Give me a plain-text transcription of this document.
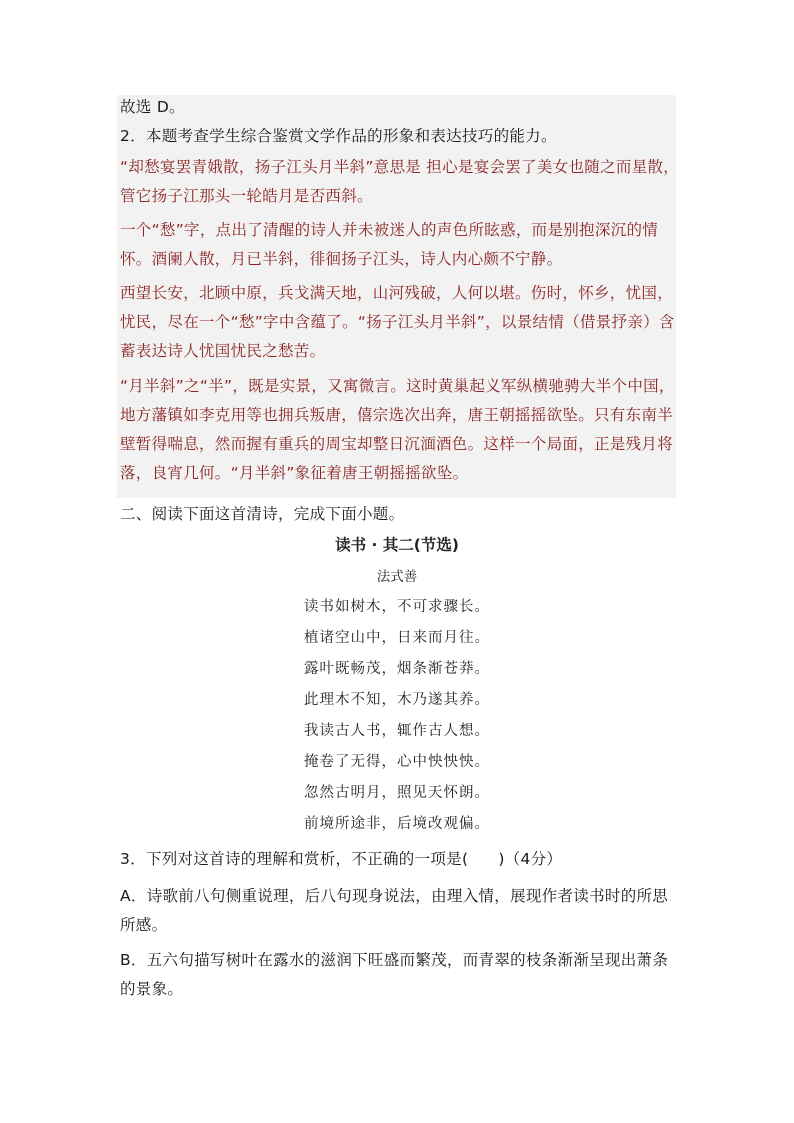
故选 D。
2．本题考查学生综合鉴赏文学作品的形象和表达技巧的能力。
“却愁宴罢青娥散，扬子江头月半斜”意思是 担心是宴会罢了美女也随之而星散，管它扬子江那头一轮皓月是否西斜。
一个“愁”字，点出了清醒的诗人并未被迷人的声色所眩惑，而是别抱深沉的情怀。酒阑人散，月已半斜，徘徊扬子江头，诗人内心颇不宁静。
西望长安，北顾中原，兵戈满天地，山河残破，人何以堪。伤时，怀乡，忧国，忧民，尽在一个“愁”字中含蕴了。“扬子江头月半斜”，以景结情（借景抒亲）含蓄表达诗人忧国忧民之愁苦。
“月半斜”之“半”，既是实景，又寓微言。这时黄巢起义军纵横驰骋大半个中国，地方藩镇如李克用等也拥兵叛唐，僖宗选次出奔，唐王朝摇摇欲坠。只有东南半壁暂得喘息，然而握有重兵的周宝却整日沉湎酒色。这样一个局面，正是残月将落，良宵几何。“月半斜”象征着唐王朝摇摇欲坠。
二、阅读下面这首清诗，完成下面小题。
读书 · 其二(节选)
法式善
读书如树木，不可求骤长。
植诸空山中，日来而月往。
露叶既畅茂，烟条渐苍莽。
此理木不知，木乃遂其养。
我读古人书，辄作古人想。
掩卷了无得，心中怏怏怏。
忽然古明月，照见天怀朗。
前境所途非，后境改观偏。
3．下列对这首诗的理解和赏析，不正确的一项是( )（4分）
A．诗歌前八句侧重说理，后八句现身说法，由理入情，展现作者读书时的所思所感。
B．五六句描写树叶在露水的滋润下旺盛而繁茂，而青翠的枝条渐渐呈现出萧条的景象。
